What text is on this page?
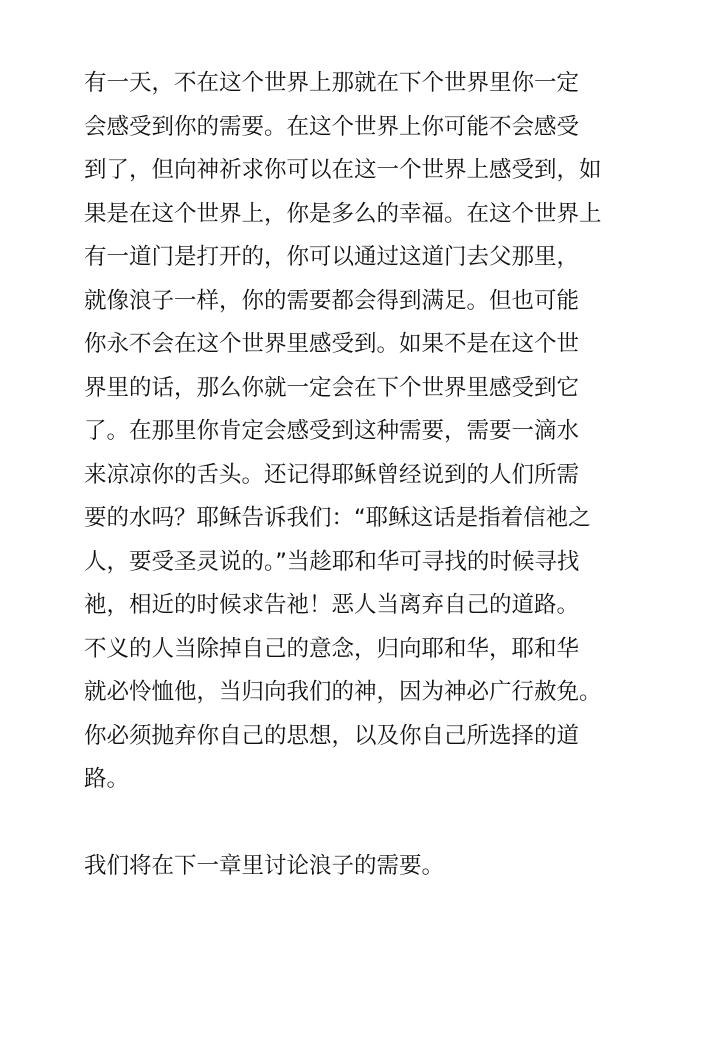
有一天，不在这个世界上那就在下个世界里你一定
会感受到你的需要。在这个世界上你可能不会感受
到了，但向神祈求你可以在这一个世界上感受到，如
果是在这个世界上，你是多么的幸福。在这个世界上
有一道门是打开的，你可以通过这道门去父那里，
就像浪子一样，你的需要都会得到满足。但也可能
你永不会在这个世界里感受到。如果不是在这个世
界里的话，那么你就一定会在下个世界里感受到它
了。在那里你肯定会感受到这种需要，需要一滴水
来凉凉你的舌头。还记得耶稣曾经说到的人们所需
要的水吗？耶稣告诉我们：“耶稣这话是指着信祂之
人，要受圣灵说的。”当趁耶和华可寻找的时候寻找
祂，相近的时候求告祂！恶人当离弃自己的道路。
不义的人当除掉自己的意念，归向耶和华，耶和华
就必怜恤他，当归向我们的神，因为神必广行赦免。
你必须抛弃你自己的思想，以及你自己所选择的道
路。
我们将在下一章里讨论浪子的需要。
